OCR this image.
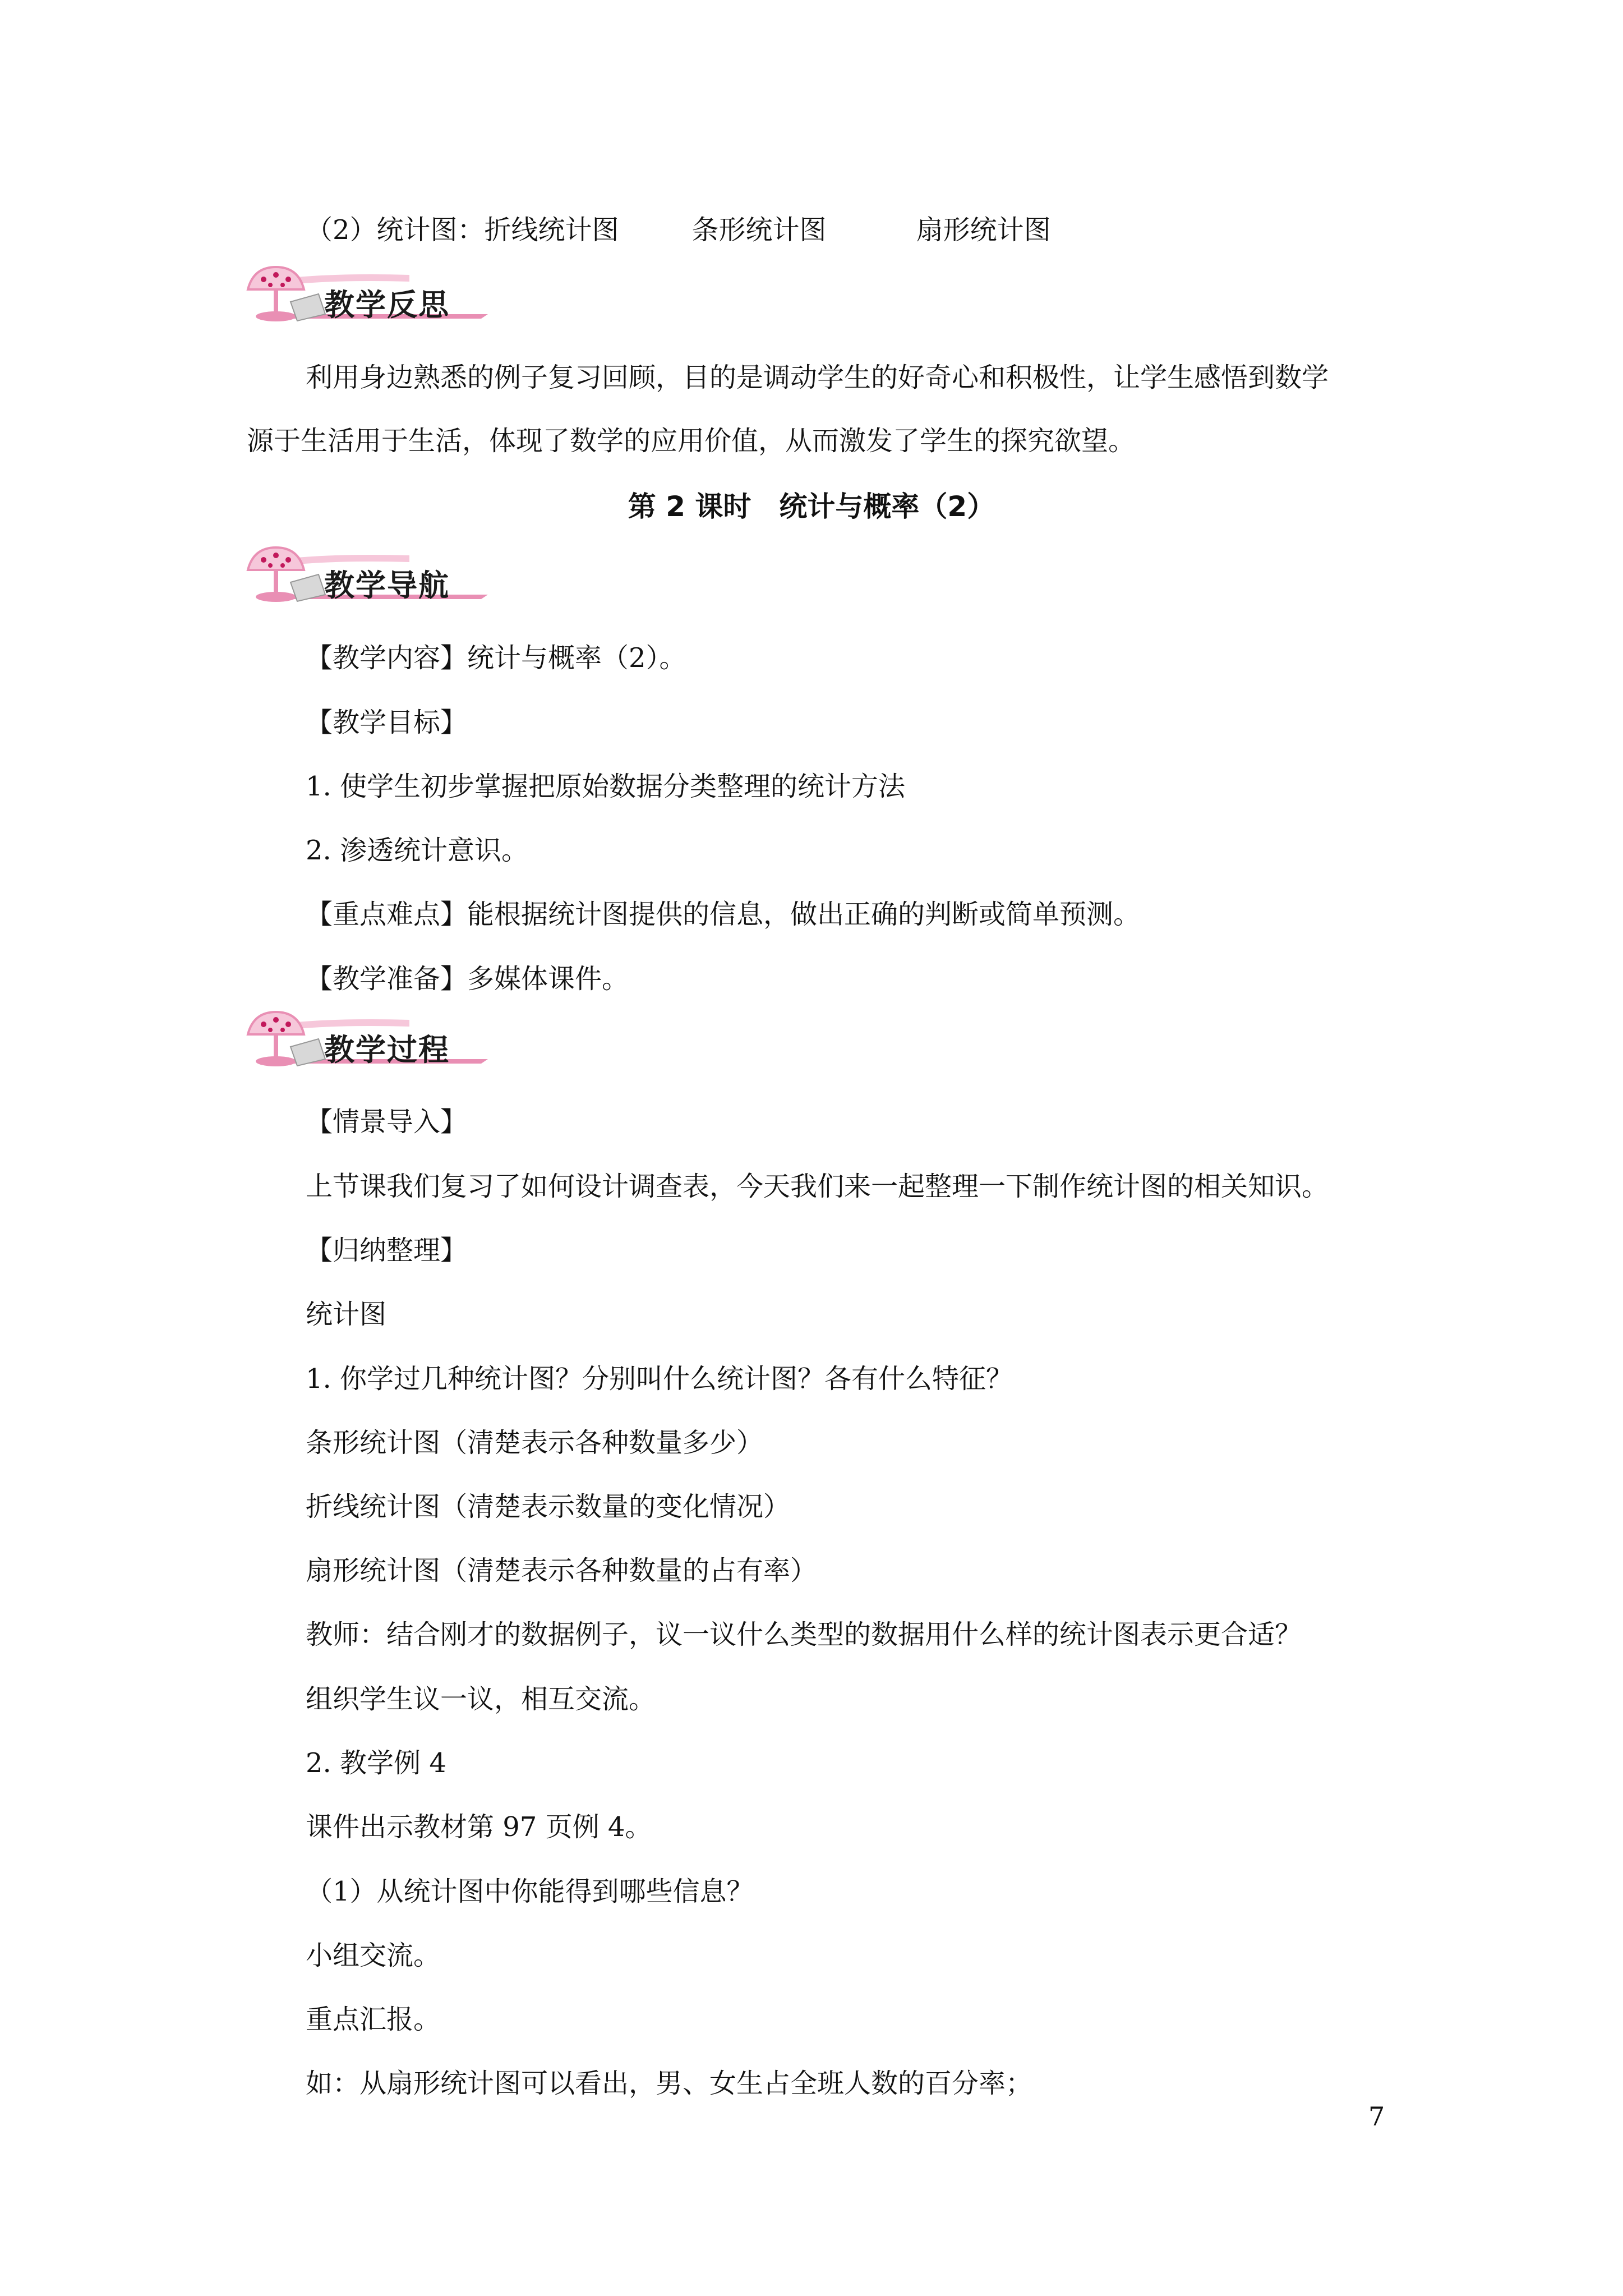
（2）统计图：折线统计图	条形统计图	扇形统计图
教学反思
利用身边熟悉的例子复习回顾，目的是调动学生的好奇心和积极性，让学生感悟到数学
源于生活用于生活，体现了数学的应用价值，从而激发了学生的探究欲望。
第 2 课时　统计与概率（2）
教学导航
【教学内容】统计与概率（2）。
【教学目标】
1. 使学生初步掌握把原始数据分类整理的统计方法
2. 渗透统计意识。
【重点难点】能根据统计图提供的信息，做出正确的判断或简单预测。
【教学准备】多媒体课件。
教学过程
【情景导入】
上节课我们复习了如何设计调查表，今天我们来一起整理一下制作统计图的相关知识。
【归纳整理】
统计图
1. 你学过几种统计图？分别叫什么统计图？各有什么特征？
条形统计图（清楚表示各种数量多少）
折线统计图（清楚表示数量的变化情况）
扇形统计图（清楚表示各种数量的占有率）
教师：结合刚才的数据例子，议一议什么类型的数据用什么样的统计图表示更合适？
组织学生议一议，相互交流。
2. 教学例 4
课件出示教材第 97 页例 4。
（1）从统计图中你能得到哪些信息？
小组交流。
重点汇报。
如：从扇形统计图可以看出，男、女生占全班人数的百分率；
7
